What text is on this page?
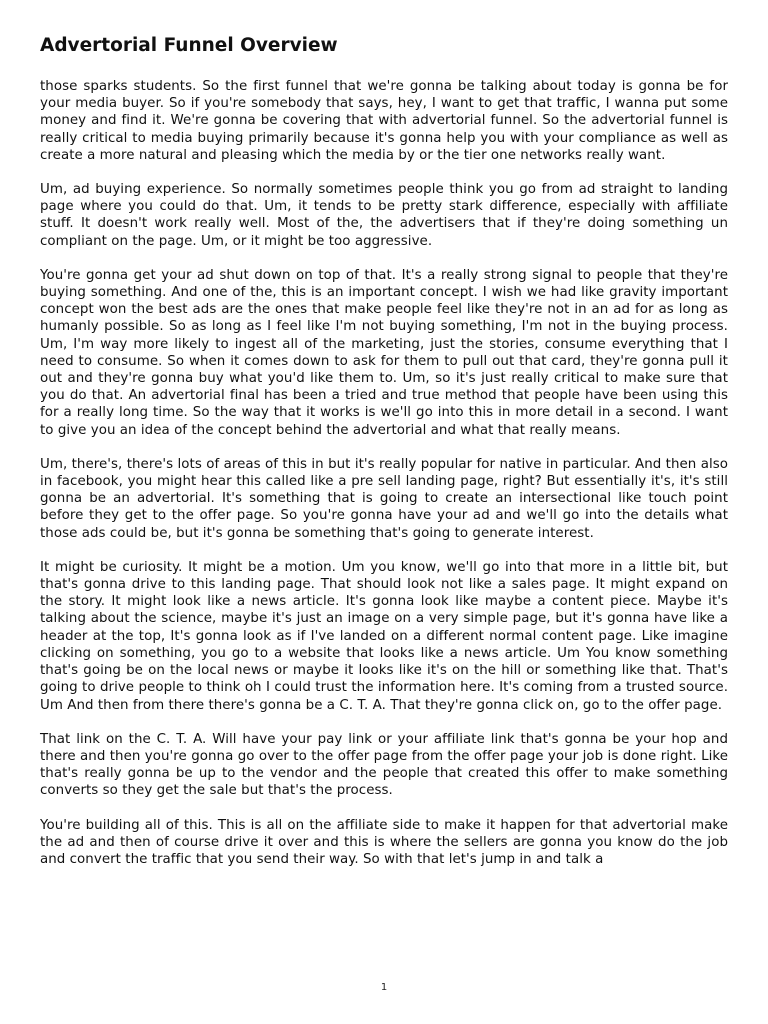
Advertorial Funnel Overview

those sparks students. So the first funnel that we're gonna be talking about today is gonna be for your media buyer. So if you're somebody that says, hey, I want to get that traffic, I wanna put some money and find it. We're gonna be covering that with advertorial funnel. So the advertorial funnel is really critical to media buying primarily because it's gonna help you with your compliance as well as create a more natural and pleasing which the media by or the tier one networks really want.

Um, ad buying experience. So normally sometimes people think you go from ad straight to landing page where you could do that. Um, it tends to be pretty stark difference, especially with affiliate stuff. It doesn't work really well. Most of the, the advertisers that if they're doing something un compliant on the page. Um, or it might be too aggressive.

You're gonna get your ad shut down on top of that. It's a really strong signal to people that they're buying something. And one of the, this is an important concept. I wish we had like gravity important concept won the best ads are the ones that make people feel like they're not in an ad for as long as humanly possible. So as long as I feel like I'm not buying something, I'm not in the buying process. Um, I'm way more likely to ingest all of the marketing, just the stories, consume everything that I need to consume. So when it comes down to ask for them to pull out that card, they're gonna pull it out and they're gonna buy what you'd like them to. Um, so it's just really critical to make sure that you do that. An advertorial final has been a tried and true method that people have been using this for a really long time. So the way that it works is we'll go into this in more detail in a second. I want to give you an idea of the concept behind the advertorial and what that really means.

Um, there's, there's lots of areas of this in but it's really popular for native in particular. And then also in facebook, you might hear this called like a pre sell landing page, right? But essentially it's, it's still gonna be an advertorial. It's something that is going to create an intersectional like touch point before they get to the offer page. So you're gonna have your ad and we'll go into the details what those ads could be, but it's gonna be something that's going to generate interest.

It might be curiosity. It might be a motion. Um you know, we'll go into that more in a little bit, but that's gonna drive to this landing page. That should look not like a sales page. It might expand on the story. It might look like a news article. It's gonna look like maybe a content piece. Maybe it's talking about the science, maybe it's just an image on a very simple page, but it's gonna have like a header at the top, It's gonna look as if I've landed on a different normal content page. Like imagine clicking on something, you go to a website that looks like a news article. Um You know something that's going be on the local news or maybe it looks like it's on the hill or something like that. That's going to drive people to think oh I could trust the information here. It's coming from a trusted source. Um And then from there there's gonna be a C. T. A. That they're gonna click on, go to the offer page.

That link on the C. T. A. Will have your pay link or your affiliate link that's gonna be your hop and there and then you're gonna go over to the offer page from the offer page your job is done right. Like that's really gonna be up to the vendor and the people that created this offer to make something converts so they get the sale but that's the process.

You're building all of this. This is all on the affiliate side to make it happen for that advertorial make the ad and then of course drive it over and this is where the sellers are gonna you know do the job and convert the traffic that you send their way. So with that let's jump in and talk a

1
